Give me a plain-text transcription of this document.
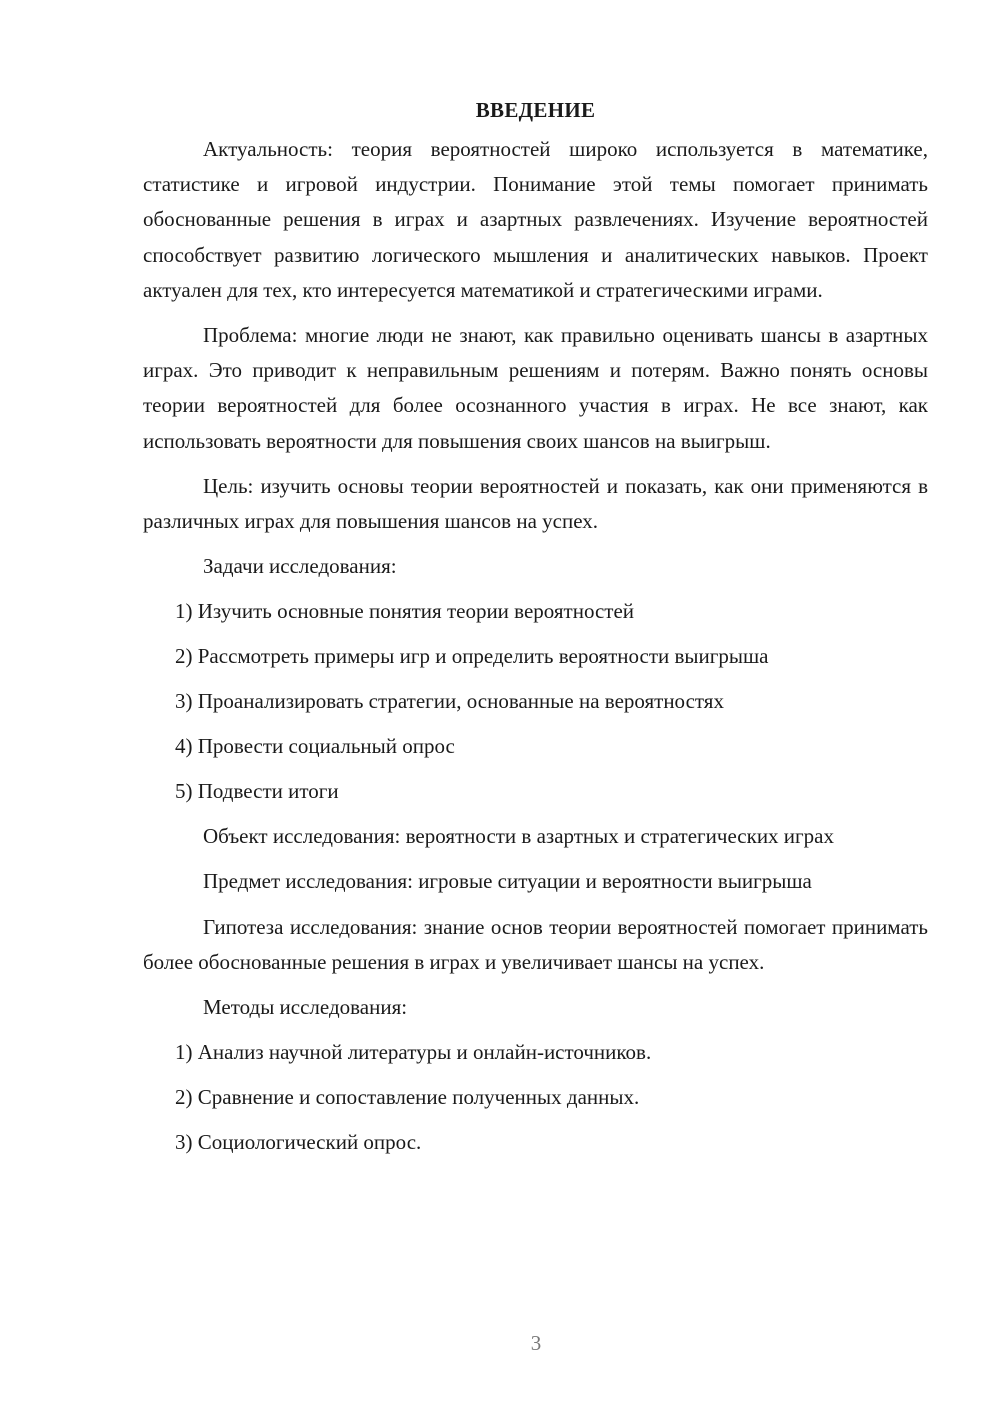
ВВЕДЕНИЕ

Актуальность: теория вероятностей широко используется в математике, статистике и игровой индустрии. Понимание этой темы помогает принимать обоснованные решения в играх и азартных развлечениях. Изучение вероятностей способствует развитию логического мышления и аналитических навыков. Проект актуален для тех, кто интересуется математикой и стратегическими играми.

Проблема: многие люди не знают, как правильно оценивать шансы в азартных играх. Это приводит к неправильным решениям и потерям. Важно понять основы теории вероятностей для более осознанного участия в играх. Не все знают, как использовать вероятности для повышения своих шансов на выигрыш.

Цель: изучить основы теории вероятностей и показать, как они применяются в различных играх для повышения шансов на успех.

Задачи исследования:

1) Изучить основные понятия теории вероятностей
2) Рассмотреть примеры игр и определить вероятности выигрыша
3) Проанализировать стратегии, основанные на вероятностях
4) Провести социальный опрос
5) Подвести итоги

Объект исследования: вероятности в азартных и стратегических играх

Предмет исследования: игровые ситуации и вероятности выигрыша

Гипотеза исследования: знание основ теории вероятностей помогает принимать более обоснованные решения в играх и увеличивает шансы на успех.

Методы исследования:

1) Анализ научной литературы и онлайн-источников.
2) Сравнение и сопоставление полученных данных.
3) Социологический опрос.
3
